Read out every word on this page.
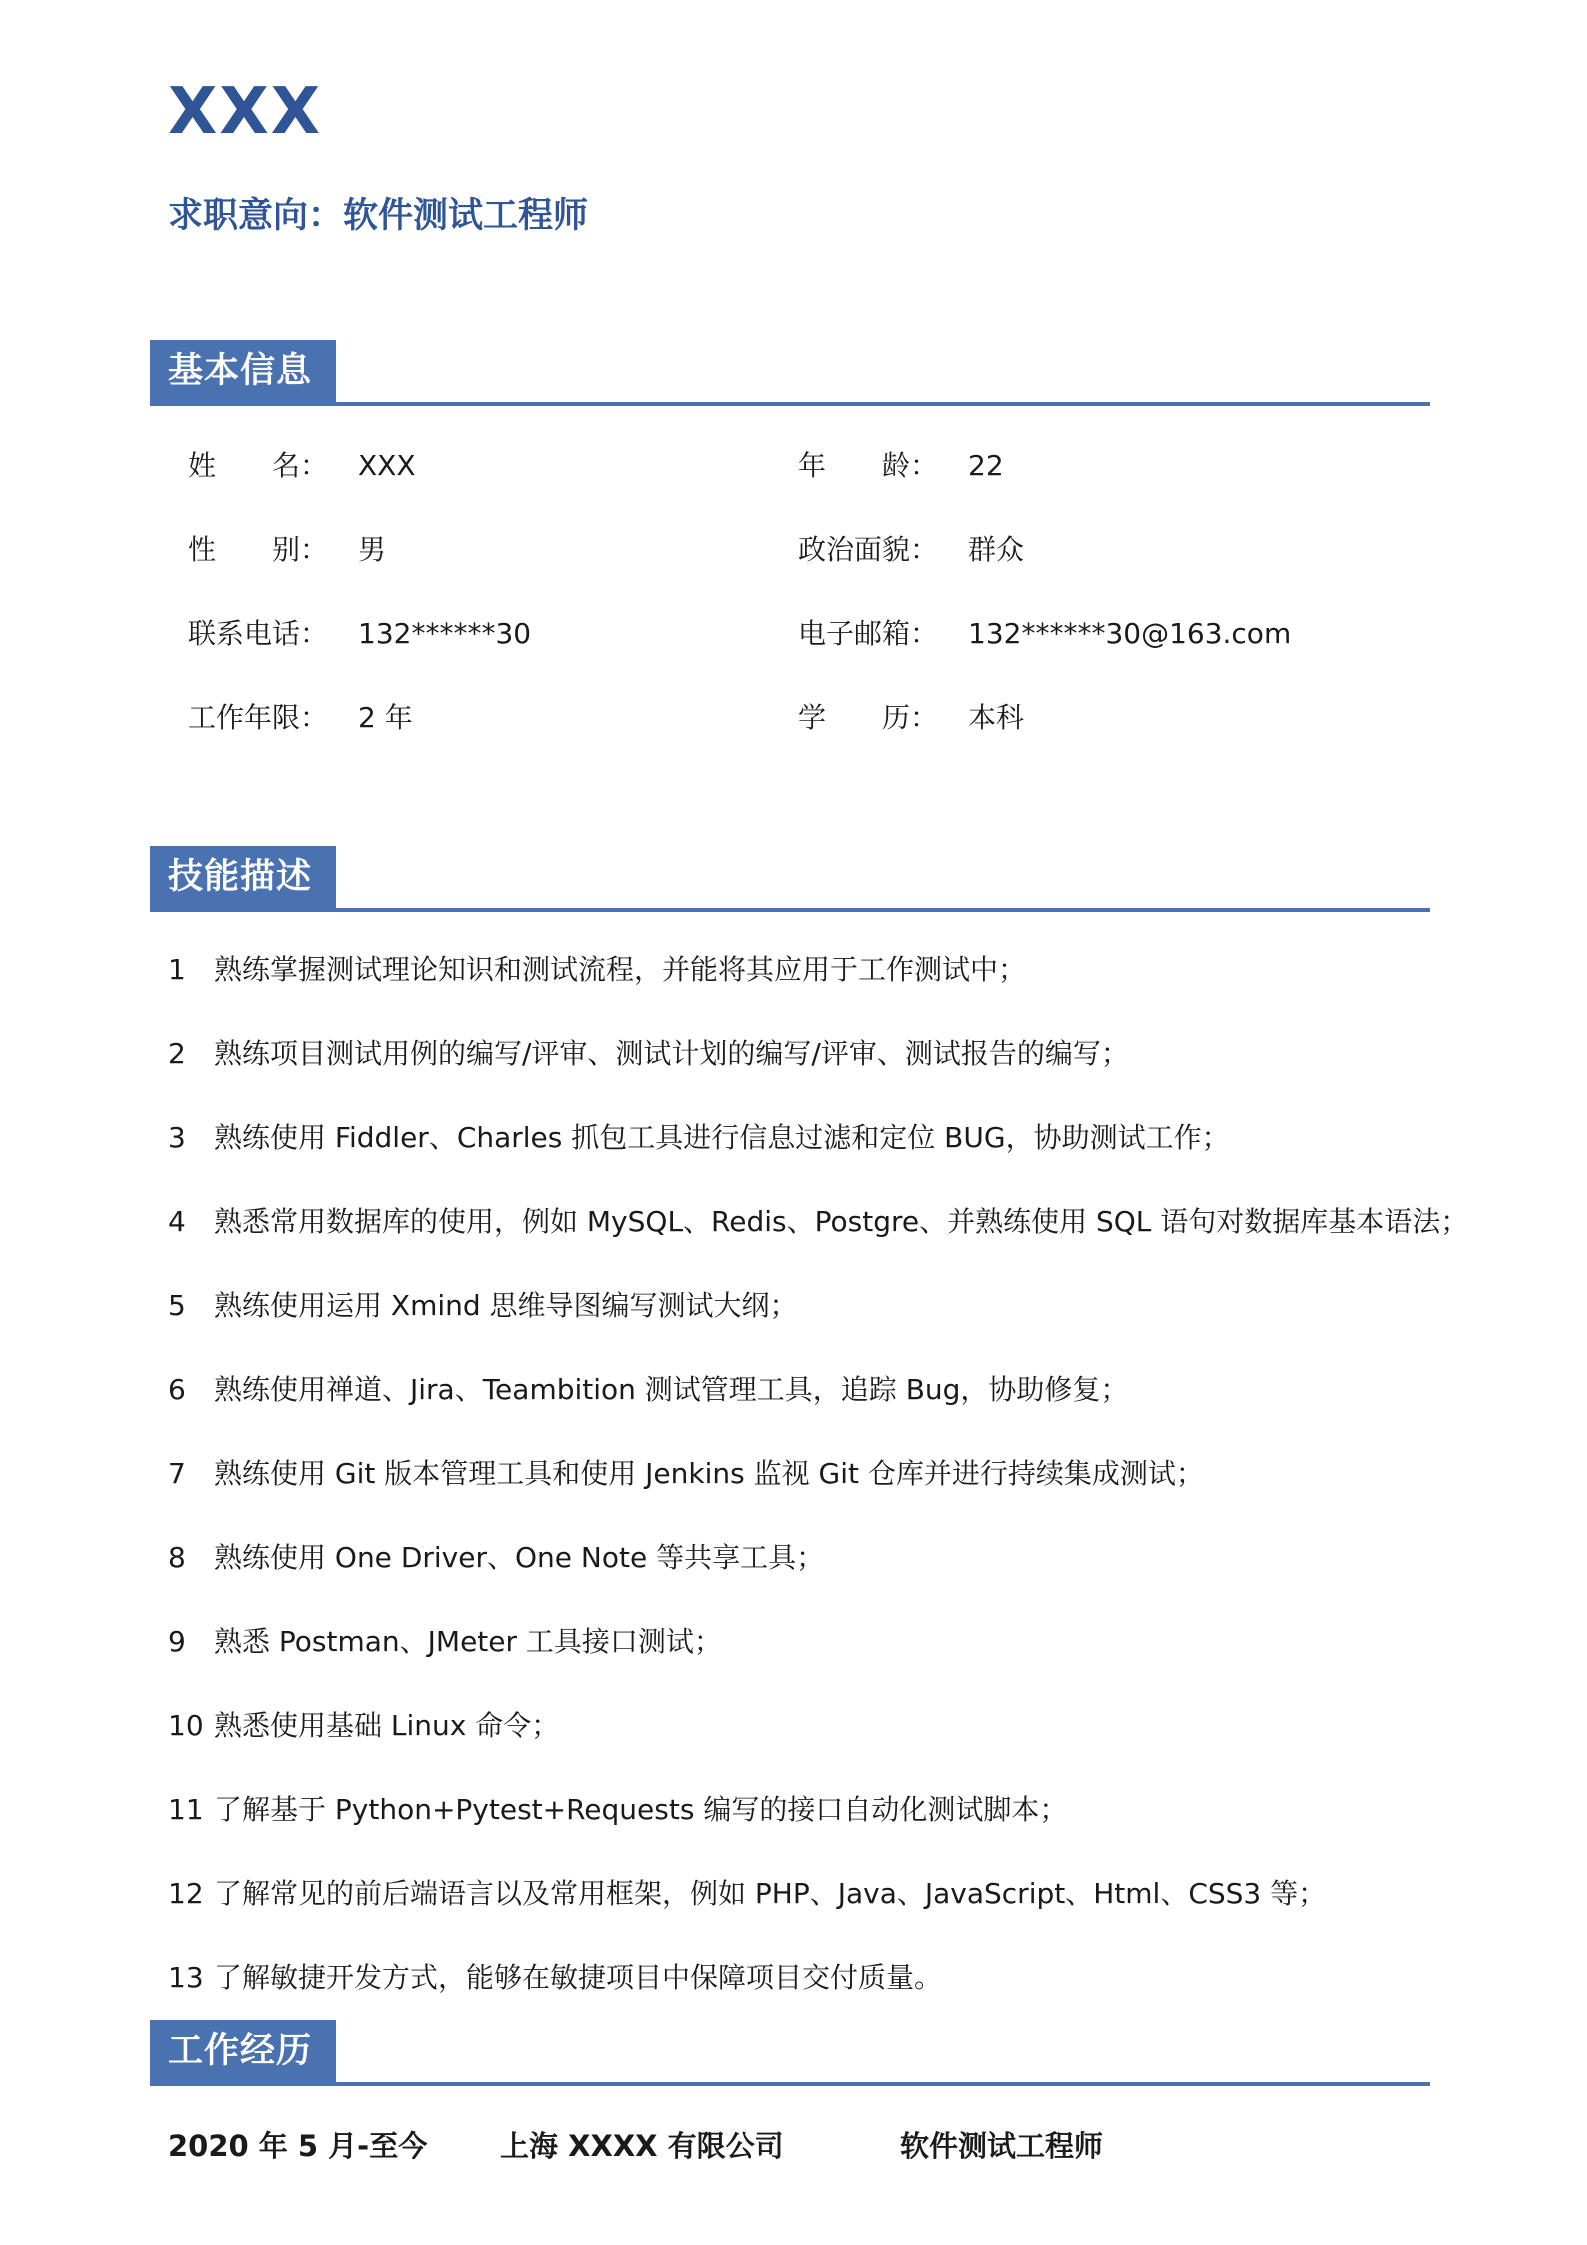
XXX
求职意向：软件测试工程师
基本信息
姓　　名： XXX	年　　龄： 22
性　　别： 男	政治面貌： 群众
联系电话： 132******30	电子邮箱： 132******30@163.com
工作年限： 2 年	学　　历： 本科
技能描述
1 熟练掌握测试理论知识和测试流程，并能将其应用于工作测试中；
2 熟练项目测试用例的编写/评审、测试计划的编写/评审、测试报告的编写；
3 熟练使用 Fiddler、Charles 抓包工具进行信息过滤和定位 BUG，协助测试工作；
4 熟悉常用数据库的使用，例如 MySQL、Redis、Postgre、并熟练使用 SQL 语句对数据库基本语法；
5 熟练使用运用 Xmind 思维导图编写测试大纲；
6 熟练使用禅道、Jira、Teambition 测试管理工具，追踪 Bug，协助修复；
7 熟练使用 Git 版本管理工具和使用 Jenkins 监视 Git 仓库并进行持续集成测试；
8 熟练使用 One Driver、One Note 等共享工具；
9 熟悉 Postman、JMeter 工具接口测试；
10 熟悉使用基础 Linux 命令；
11 了解基于 Python+Pytest+Requests 编写的接口自动化测试脚本；
12 了解常见的前后端语言以及常用框架，例如 PHP、Java、JavaScript、Html、CSS3 等；
13 了解敏捷开发方式，能够在敏捷项目中保障项目交付质量。
工作经历
2020 年 5 月-至今	上海 XXXX 有限公司	软件测试工程师
